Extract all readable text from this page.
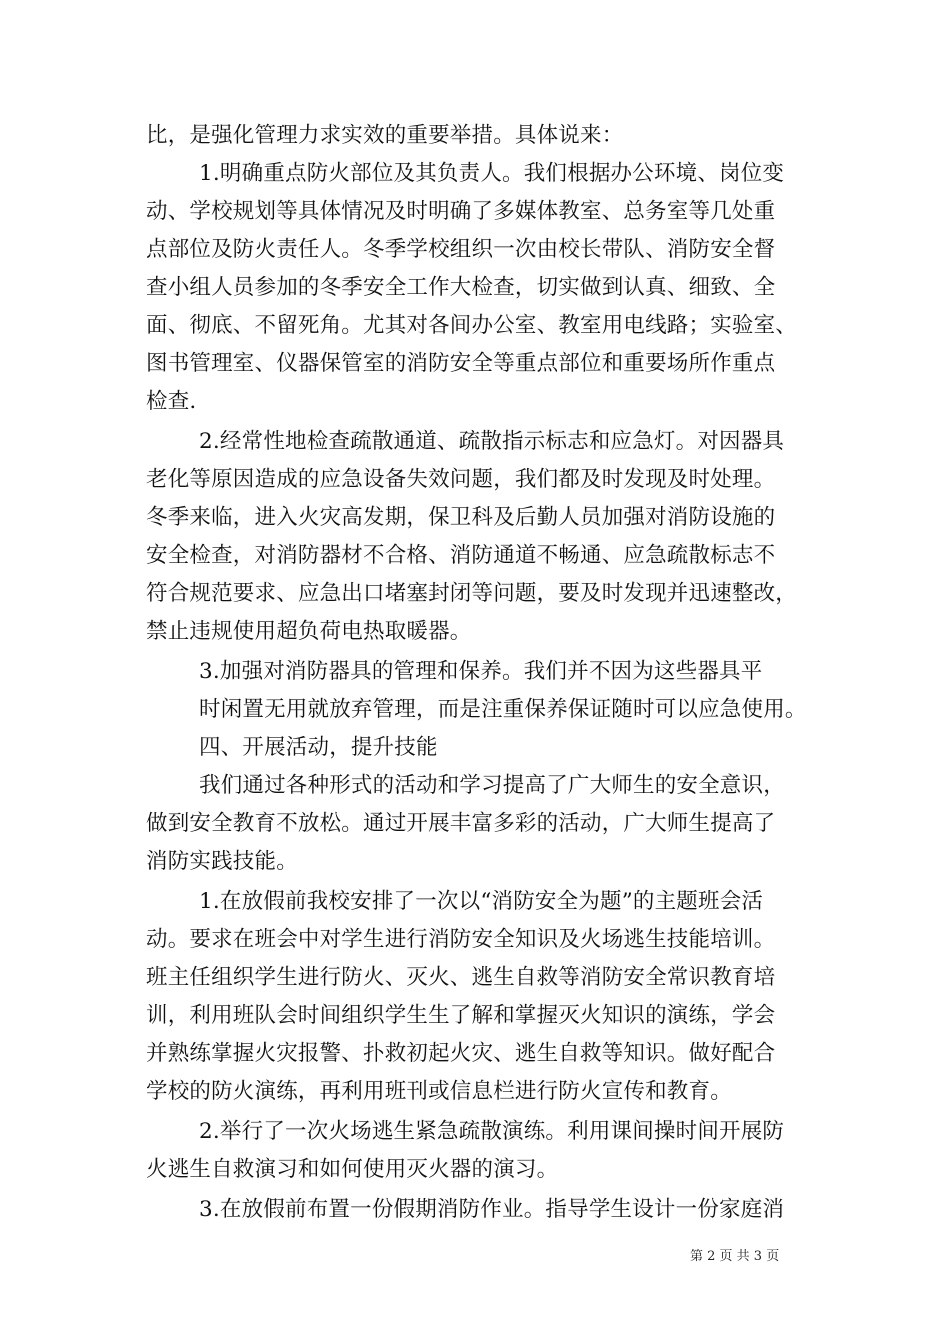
比，是强化管理力求实效的重要举措。具体说来：

1.明确重点防火部位及其负责人。我们根据办公环境、岗位变

动、学校规划等具体情况及时明确了多媒体教室、总务室等几处重

点部位及防火责任人。冬季学校组织一次由校长带队、消防安全督

查小组人员参加的冬季安全工作大检查，切实做到认真、细致、全

面、彻底、不留死角。尤其对各间办公室、教室用电线路；实验室、

图书管理室、仪器保管室的消防安全等重点部位和重要场所作重点

检查.

2.经常性地检查疏散通道、疏散指示标志和应急灯。对因器具

老化等原因造成的应急设备失效问题，我们都及时发现及时处理。

冬季来临，进入火灾高发期，保卫科及后勤人员加强对消防设施的

安全检查，对消防器材不合格、消防通道不畅通、应急疏散标志不

符合规范要求、应急出口堵塞封闭等问题，要及时发现并迅速整改，

禁止违规使用超负荷电热取暖器。

3.加强对消防器具的管理和保养。我们并不因为这些器具平

时闲置无用就放弃管理，而是注重保养保证随时可以应急使用。

四、开展活动，提升技能

我们通过各种形式的活动和学习提高了广大师生的安全意识，

做到安全教育不放松。通过开展丰富多彩的活动，广大师生提高了

消防实践技能。

1.在放假前我校安排了一次以“消防安全为题”的主题班会活

动。要求在班会中对学生进行消防安全知识及火场逃生技能培训。

班主任组织学生进行防火、灭火、逃生自救等消防安全常识教育培

训，利用班队会时间组织学生生了解和掌握灭火知识的演练，学会

并熟练掌握火灾报警、扑救初起火灾、逃生自救等知识。做好配合

学校的防火演练，再利用班刊或信息栏进行防火宣传和教育。

2.举行了一次火场逃生紧急疏散演练。利用课间操时间开展防

火逃生自救演习和如何使用灭火器的演习。

3.在放假前布置一份假期消防作业。指导学生设计一份家庭消

第 2 页 共 3 页
